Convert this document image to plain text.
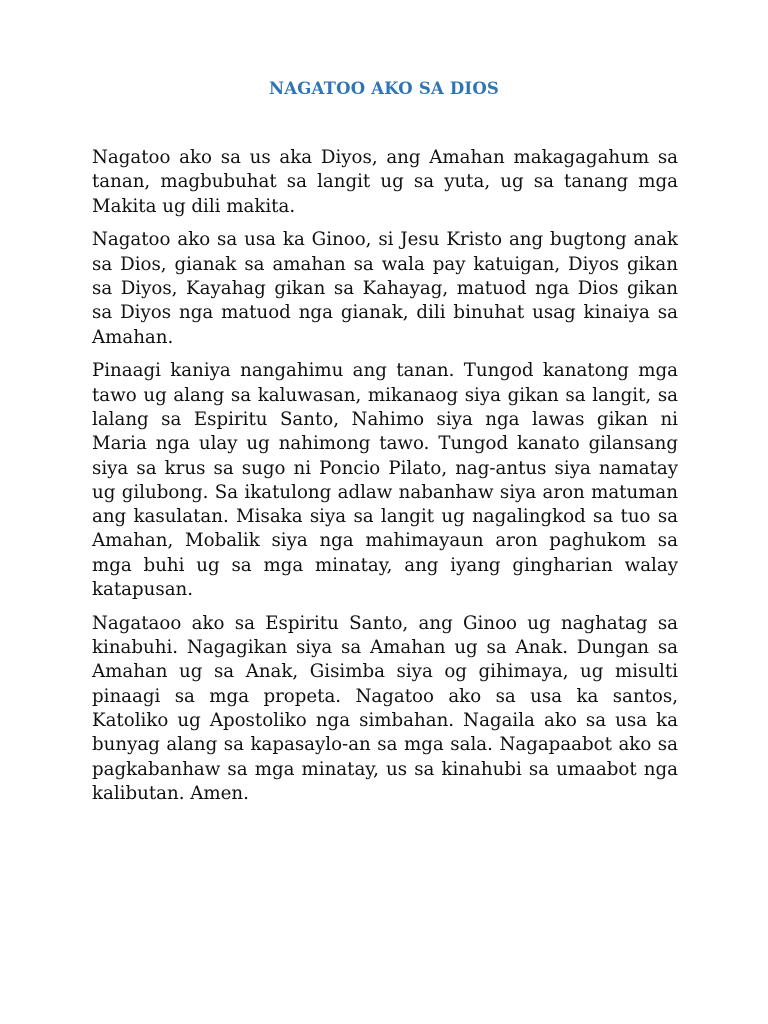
NAGATOO AKO SA DIOS

Nagatoo ako sa us aka Diyos, ang Amahan makagagahum sa tanan, magbubuhat sa langit ug sa yuta, ug sa tanang mga Makita ug dili makita.

Nagatoo ako sa usa ka Ginoo, si Jesu Kristo ang bugtong anak sa Dios, gianak sa amahan sa wala pay katuigan, Diyos gikan sa Diyos, Kayahag gikan sa Kahayag, matuod nga Dios gikan sa Diyos nga matuod nga gianak, dili binuhat usag kinaiya sa Amahan.

Pinaagi kaniya nangahimu ang tanan. Tungod kanatong mga tawo ug alang sa kaluwasan, mikanaog siya gikan sa langit, sa lalang sa Espiritu Santo, Nahimo siya nga lawas gikan ni Maria nga ulay ug nahimong tawo. Tungod kanato gilansang siya sa krus sa sugo ni Poncio Pilato, nag-antus siya namatay ug gilubong. Sa ikatulong adlaw nabanhaw siya aron matuman ang kasulatan. Misaka siya sa langit ug nagalingkod sa tuo sa Amahan, Mobalik siya nga mahimayaun aron paghukom sa mga buhi ug sa mga minatay, ang iyang gingharian walay katapusan.

Nagataoo ako sa Espiritu Santo, ang Ginoo ug naghatag sa kinabuhi. Nagagikan siya sa Amahan ug sa Anak. Dungan sa Amahan ug sa Anak, Gisimba siya og gihimaya, ug misulti pinaagi sa mga propeta. Nagatoo ako sa usa ka santos, Katoliko ug Apostoliko nga simbahan. Nagaila ako sa usa ka bunyag alang sa kapasaylo-an sa mga sala. Nagapaabot ako sa pagkabanhaw sa mga minatay, us sa kinahubi sa umaabot nga kalibutan. Amen.
